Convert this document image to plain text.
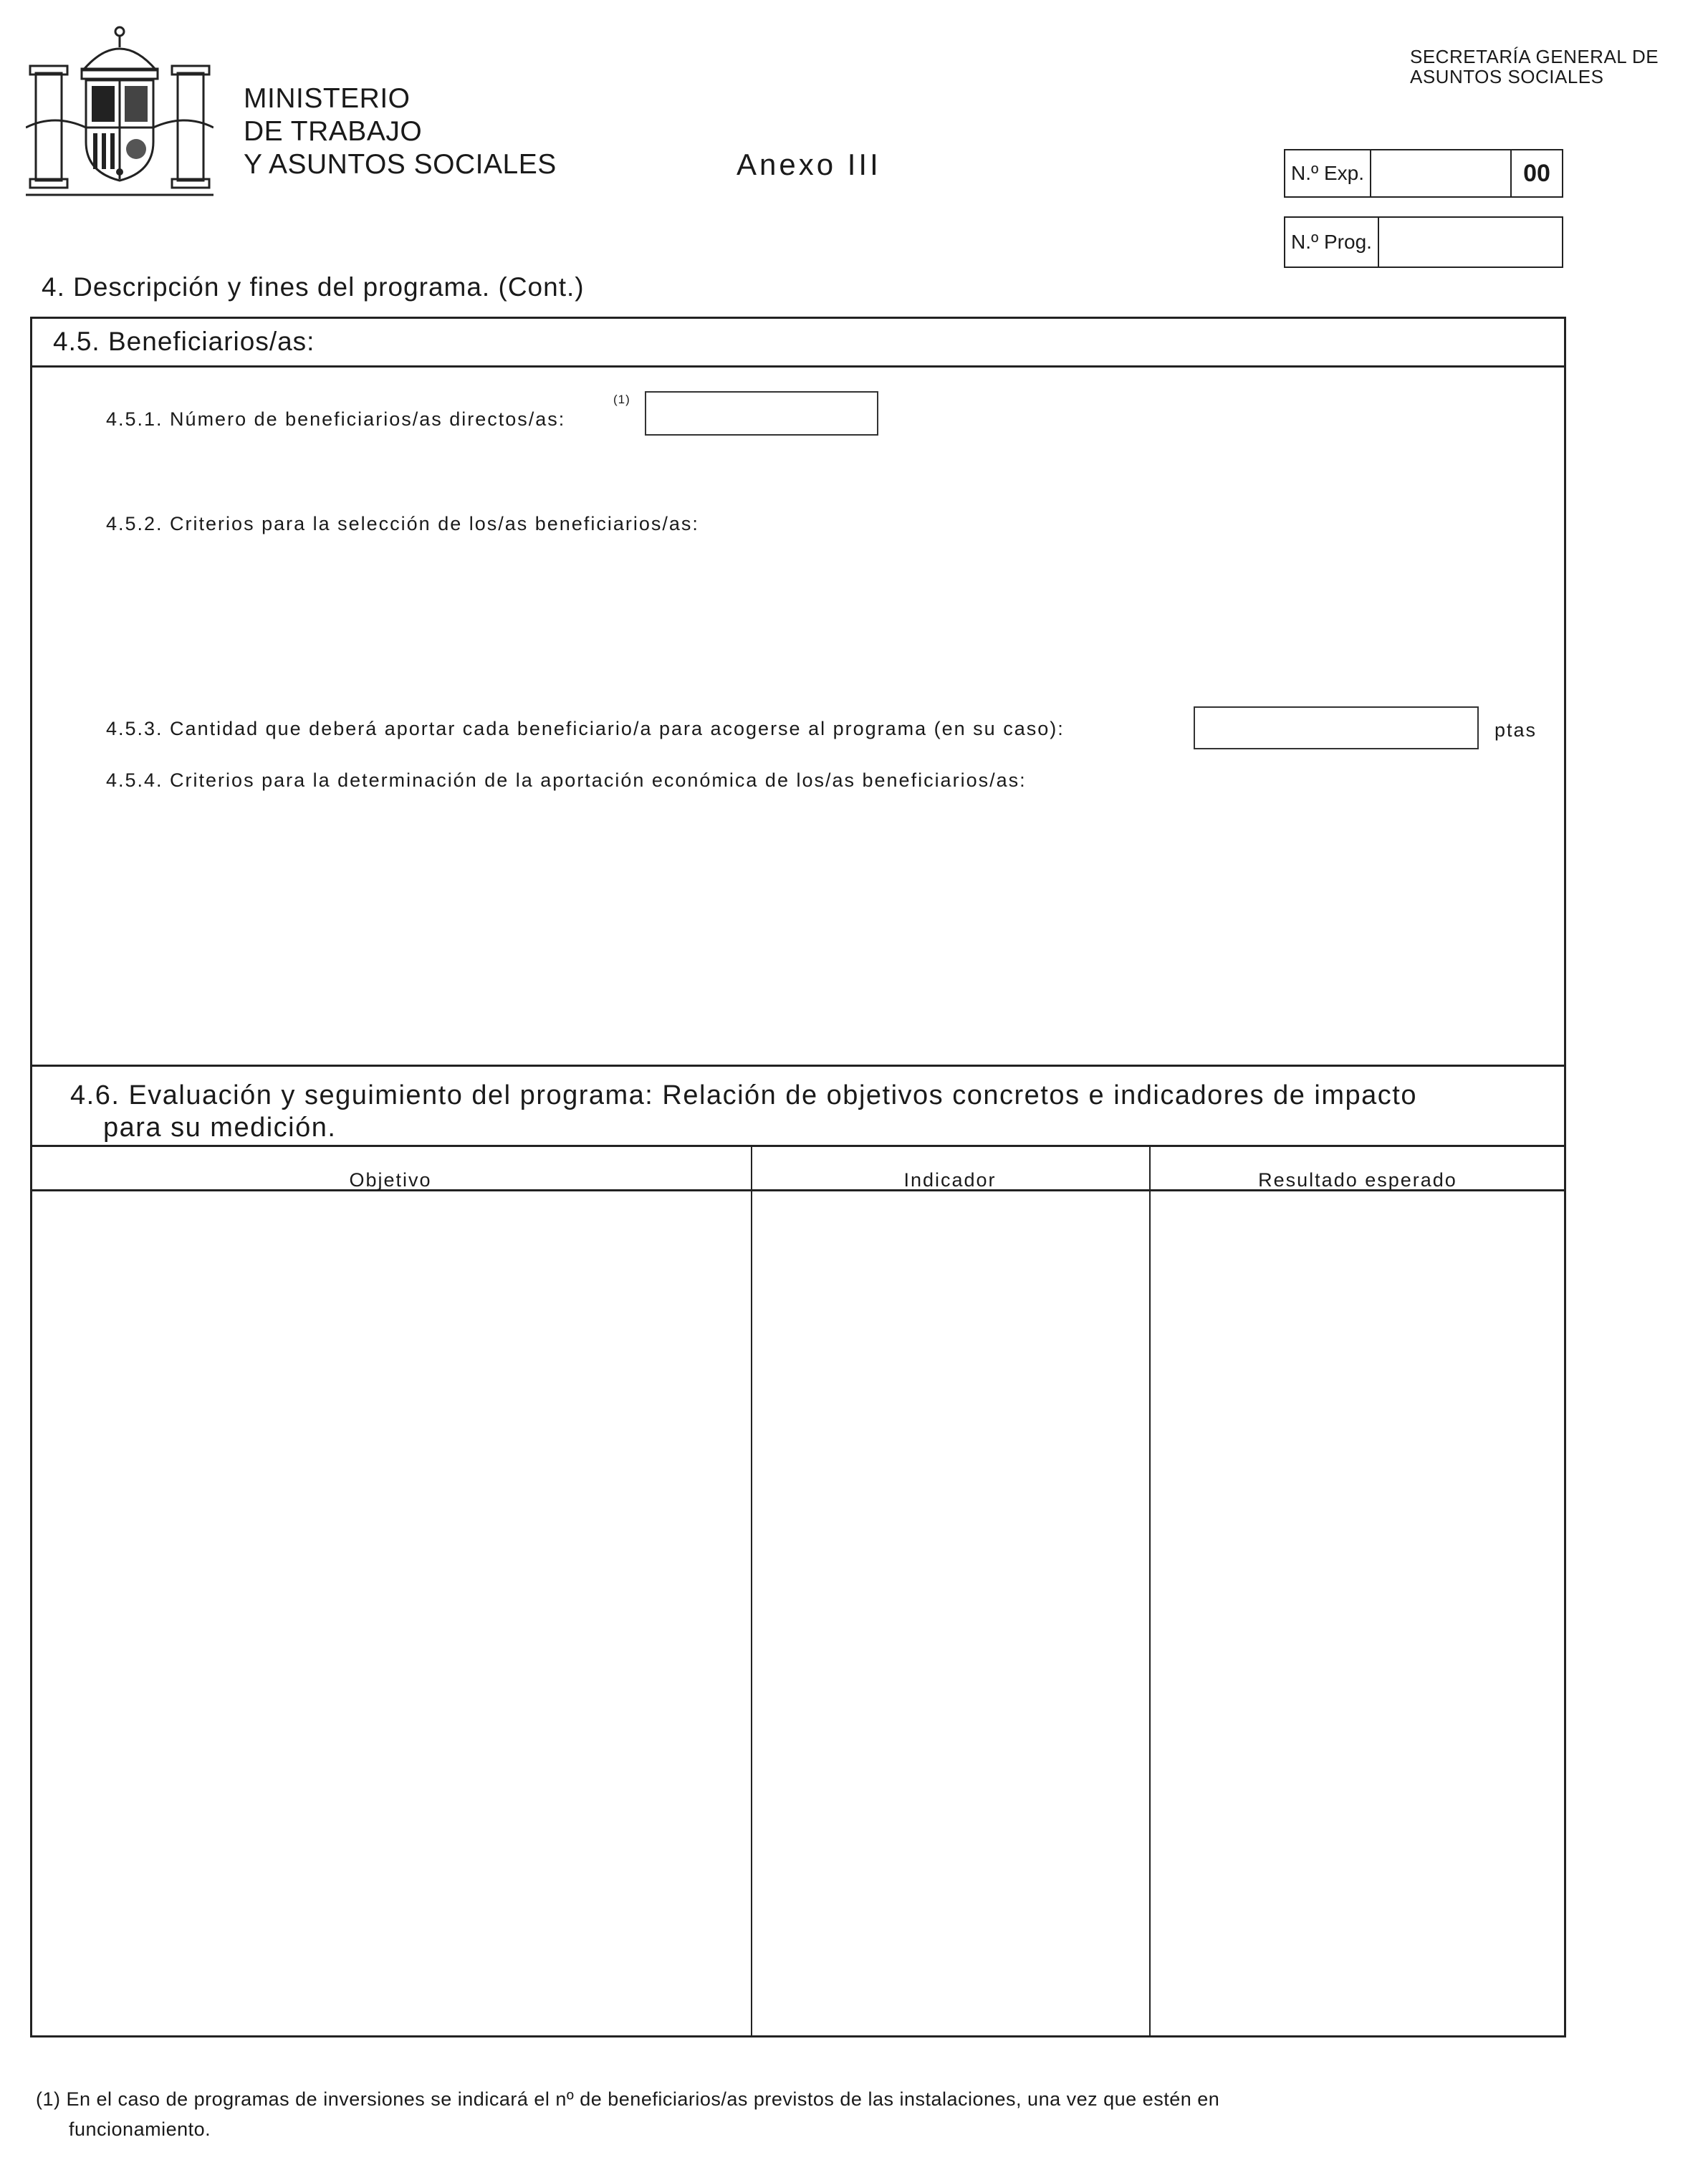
MINISTERIO
DE TRABAJO
Y ASUNTOS SOCIALES	Anexo III
SECRETARÍA GENERAL DE
ASUNTOS SOCIALES
N.º Exp.	00
N.º Prog.
4. Descripción y fines del programa. (Cont.)
4.5. Beneficiarios/as:
4.5.1. Número de beneficiarios/as directos/as:
(1)
4.5.2. Criterios para la selección de los/as beneficiarios/as:
4.5.3. Cantidad que deberá aportar cada beneficiario/a para acogerse al programa (en su caso):	ptas
4.5.4. Criterios para la determinación de la aportación económica de los/as beneficiarios/as:
4.6. Evaluación y seguimiento del programa: Relación de objetivos concretos e indicadores de impacto
para su medición.
Objetivo	Indicador	Resultado esperado
(1) En el caso de programas de inversiones se indicará el nº de beneficiarios/as previstos de las instalaciones, una vez que estén en
funcionamiento.
